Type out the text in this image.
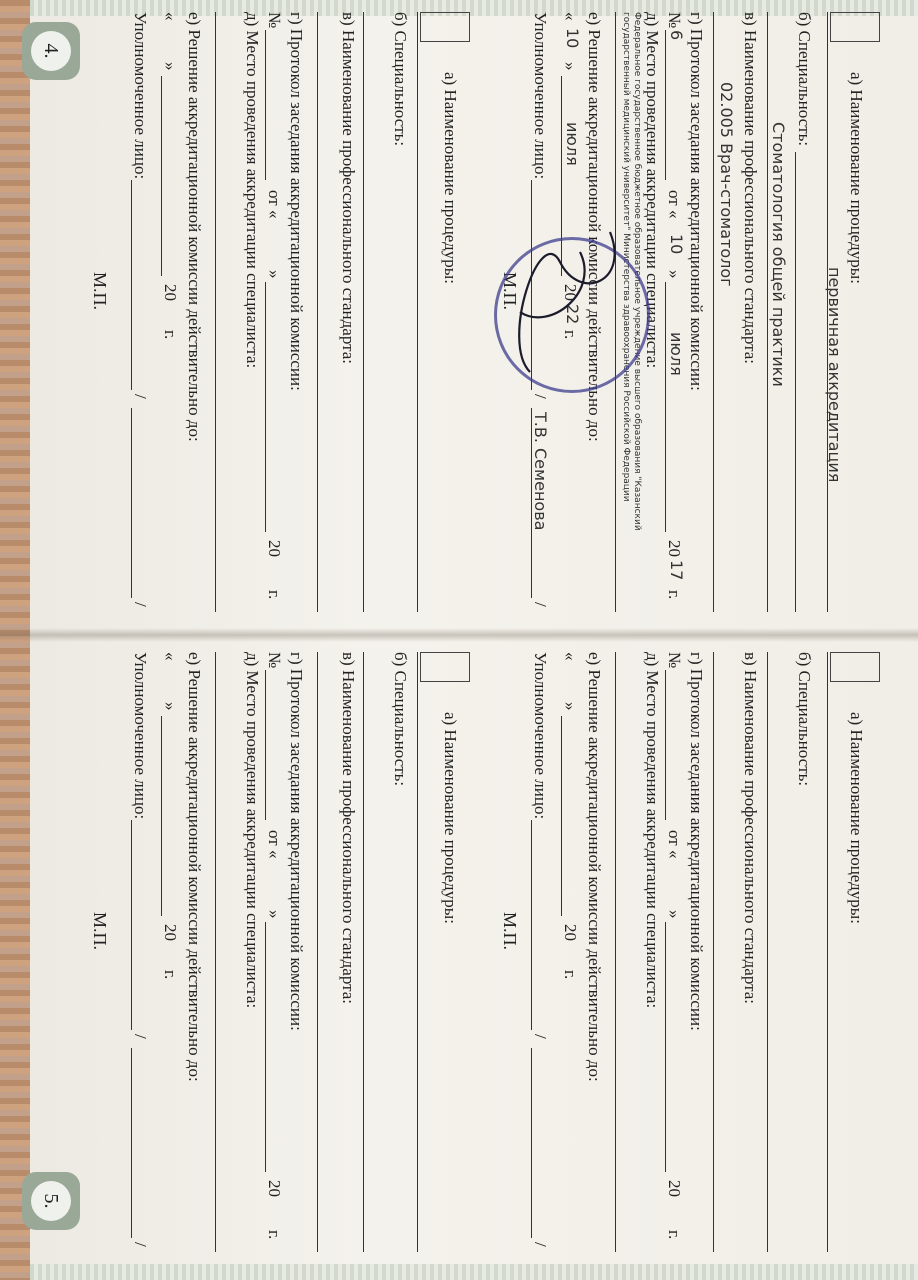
а) Наименование процедуры:
первичная аккредитация
б) Специальность:
Стоматология общей практики
в) Наименование профессионального стандарта:
02.005 Врач-стоматолог
г) Протокол заседания аккредитационной комиссии:
№
6
от «
10
»
июля
20
17
г.
д) Место проведения аккредитации специалиста:
Федеральное государственное бюджетное образовательное учреждение высшего образования "Казанский государственный медицинский университет" Министерства здравоохранения Российской Федерации
е) Решение аккредитационной комиссии действительно до:
«
10
»
июля
20
22
г.
Уполномоченное лицо:
/
Т.В. Семенова
/
М.П.
а) Наименование процедуры:
б) Специальность:
в) Наименование профессионального стандарта:
г) Протокол заседания аккредитационной комиссии:
№
от «
»
20
г.
д) Место проведения аккредитации специалиста:
е) Решение аккредитационной комиссии действительно до:
«
»
20
г.
Уполномоченное лицо:
/
/
М.П.
4.
а) Наименование процедуры:
б) Специальность:
в) Наименование профессионального стандарта:
г) Протокол заседания аккредитационной комиссии:
№
от «
»
20
г.
д) Место проведения аккредитации специалиста:
е) Решение аккредитационной комиссии действительно до:
«
»
20
г.
Уполномоченное лицо:
/
/
М.П.
а) Наименование процедуры:
б) Специальность:
в) Наименование профессионального стандарта:
г) Протокол заседания аккредитационной комиссии:
№
от «
»
20
г.
д) Место проведения аккредитации специалиста:
е) Решение аккредитационной комиссии действительно до:
«
»
20
г.
Уполномоченное лицо:
/
/
М.П.
5.
